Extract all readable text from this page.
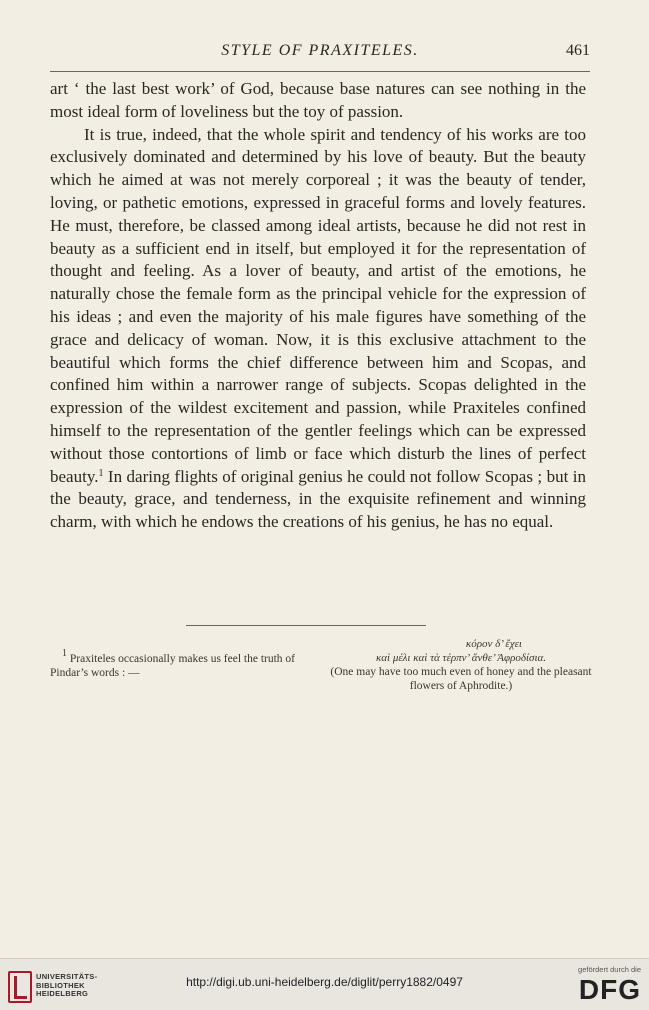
STYLE OF PRAXITELES.	461

art ‘ the last best work’ of God, because base natures can see nothing in the most ideal form of loveliness but the toy of passion.

It is true, indeed, that the whole spirit and tendency of his works are too exclusively dominated and determined by his love of beauty. But the beauty which he aimed at was not merely corporeal ; it was the beauty of tender, loving, or pathetic emotions, expressed in graceful forms and lovely features. He must, therefore, be classed among ideal artists, because he did not rest in beauty as a sufficient end in itself, but employed it for the representation of thought and feeling. As a lover of beauty, and artist of the emotions, he naturally chose the female form as the principal vehicle for the expression of his ideas ; and even the majority of his male figures have something of the grace and delicacy of woman. Now, it is this exclusive attachment to the beautiful which forms the chief difference between him and Scopas, and confined him within a narrower range of subjects. Scopas delighted in the expression of the wildest excitement and passion, while Praxiteles confined himself to the representation of the gentler feelings which can be expressed without those contortions of limb or face which disturb the lines of perfect beauty.$^1$ In daring flights of original genius he could not follow Scopas ; but in the beauty, grace, and tenderness, in the exquisite refinement and winning charm, with which he endows the creations of his genius, he has no equal.

$^1$ Praxiteles occasionally makes us feel the truth of Pindar’s words : —

κόρον δ’ ἔχει

καὶ μέλι καὶ τὰ τέρπν’ ἄνθε’ Ἀφροδίσια.

(One may have too much even of honey and the pleasant flowers of Aphrodite.)

UNIVERSITÄTS-
BIBLIOTHEK
HEIDELBERG
http://digi.ub.uni-heidelberg.de/diglit/perry1882/0497
gefördert durch die
DFG
